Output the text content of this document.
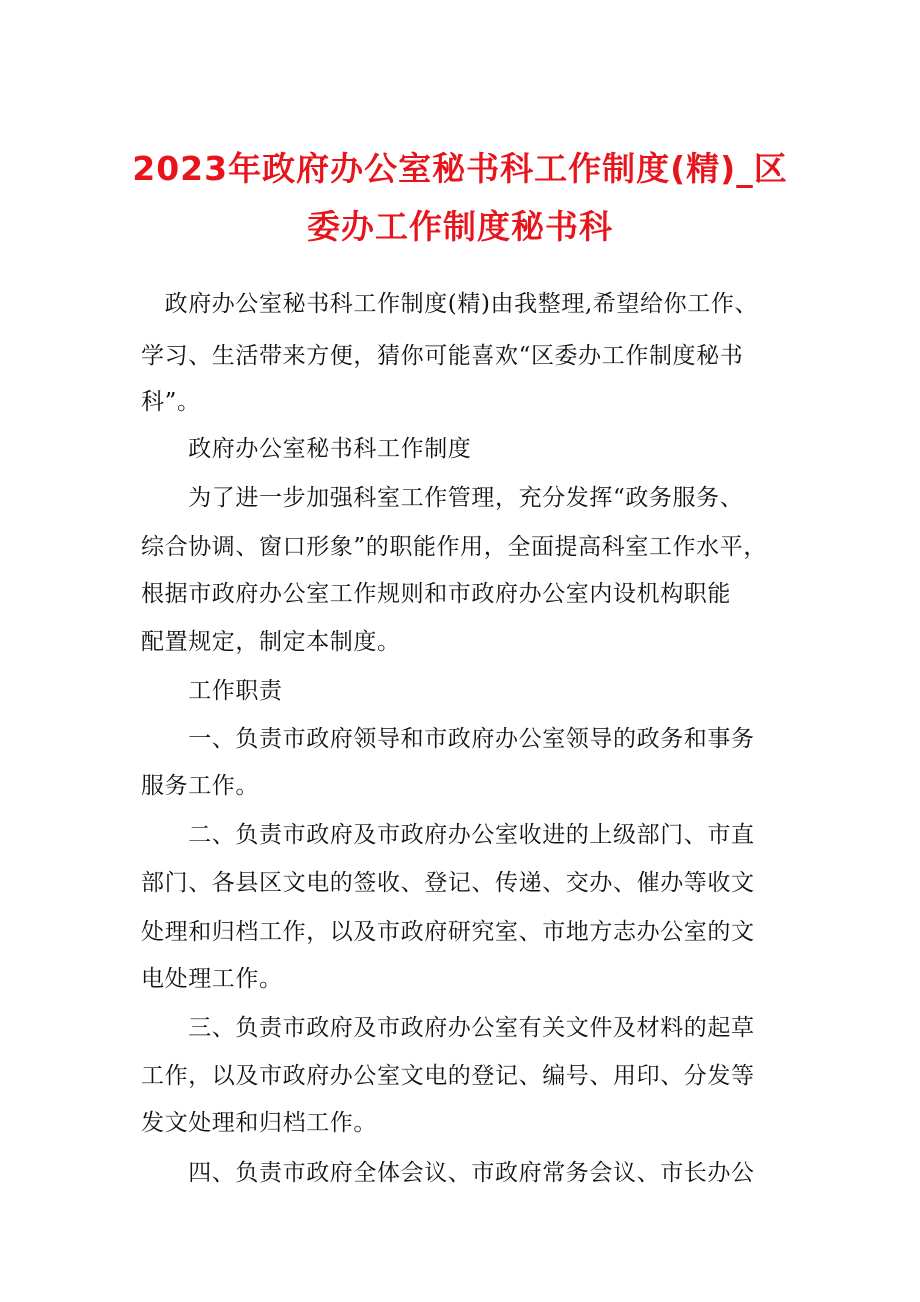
2023年政府办公室秘书科工作制度(精)_区
委办工作制度秘书科
　政府办公室秘书科工作制度(精)由我整理,希望给你工作、
学习、生活带来方便，猜你可能喜欢“区委办工作制度秘书
科”。
　　政府办公室秘书科工作制度
　　为了进一步加强科室工作管理，充分发挥“政务服务、
综合协调、窗口形象”的职能作用，全面提高科室工作水平，
根据市政府办公室工作规则和市政府办公室内设机构职能
配置规定，制定本制度。
　　工作职责
　　一、负责市政府领导和市政府办公室领导的政务和事务
服务工作。
　　二、负责市政府及市政府办公室收进的上级部门、市直
部门、各县区文电的签收、登记、传递、交办、催办等收文
处理和归档工作，以及市政府研究室、市地方志办公室的文
电处理工作。
　　三、负责市政府及市政府办公室有关文件及材料的起草
工作，以及市政府办公室文电的登记、编号、用印、分发等
发文处理和归档工作。
　　四、负责市政府全体会议、市政府常务会议、市长办公
